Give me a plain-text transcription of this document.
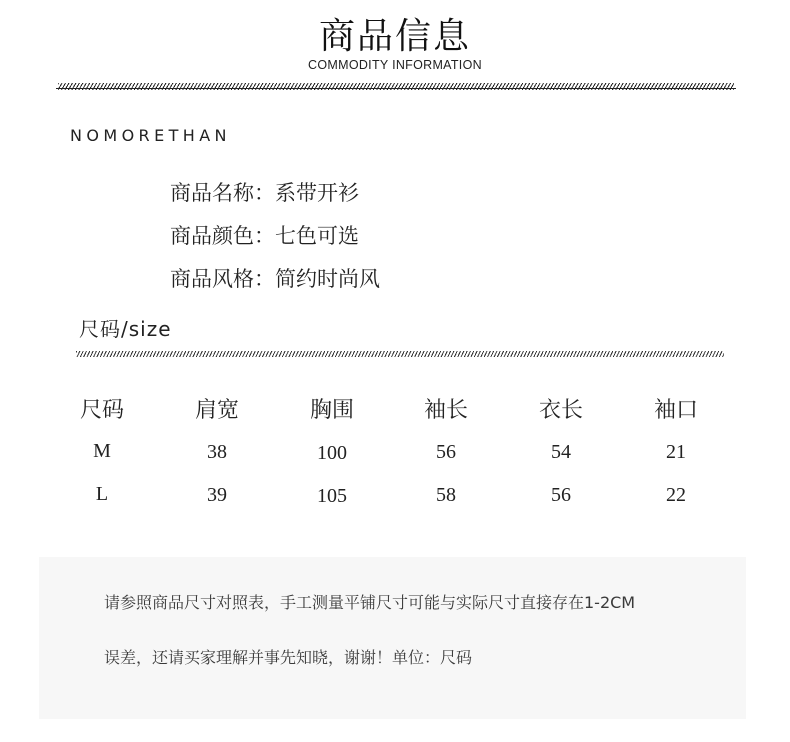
商品信息
COMMODITY INFORMATION
NOMORETHAN
商品名称：系带开衫
商品颜色：七色可选
商品风格：简约时尚风
尺码/size
尺码	肩宽	胸围	袖长	衣长	袖口
M	38	100	56	54	21
L	39	105	58	56	22
请参照商品尺寸对照表，手工测量平铺尺寸可能与实际尺寸直接存在1-2CM
误差，还请买家理解并事先知晓，谢谢！单位：尺码
